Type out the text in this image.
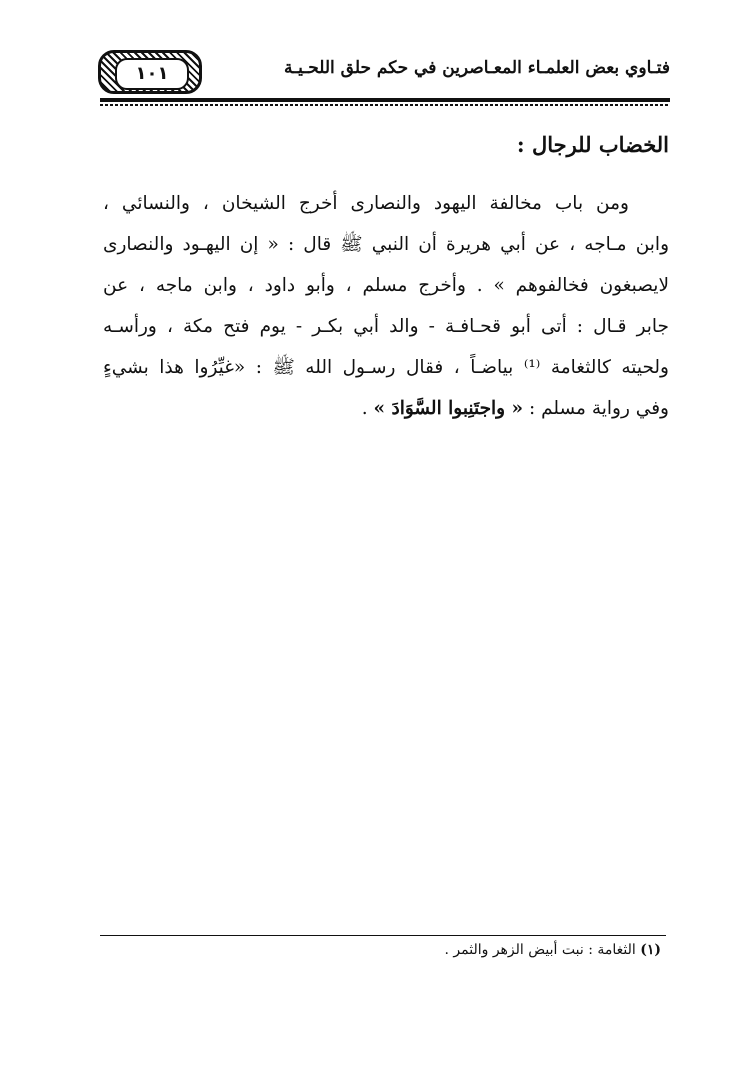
١٠١	فتـاوي بعض العلمـاء المعـاصرين في حكم حلق اللحـيـة
الخضاب للرجال :
ومن باب مخالفة اليهود والنصارى أخرج الشيخان ، والنسائي ،
وابن مـاجه ، عن أبي هريرة أن النبي ﷺ قال : « إن اليهـود والنصارى
لايصبغون فخالفوهم » . وأخرج مسلم ، وأبو داود ، وابن ماجه ، عن
جابر قـال : أتى أبو قحـافـة - والد أبي بكـر - يوم فتح مكة ، ورأسـه
ولحيته كالثغامة ⁽¹⁾ بياضـاً ، فقال رسـول الله ﷺ : «غيِّرُوا هذا بشيءٍ
وفي رواية مسلم : « واجتَنِبوا السَّوَادَ » .
(١) الثغامة : نبت أبيض الزهر والثمر .
